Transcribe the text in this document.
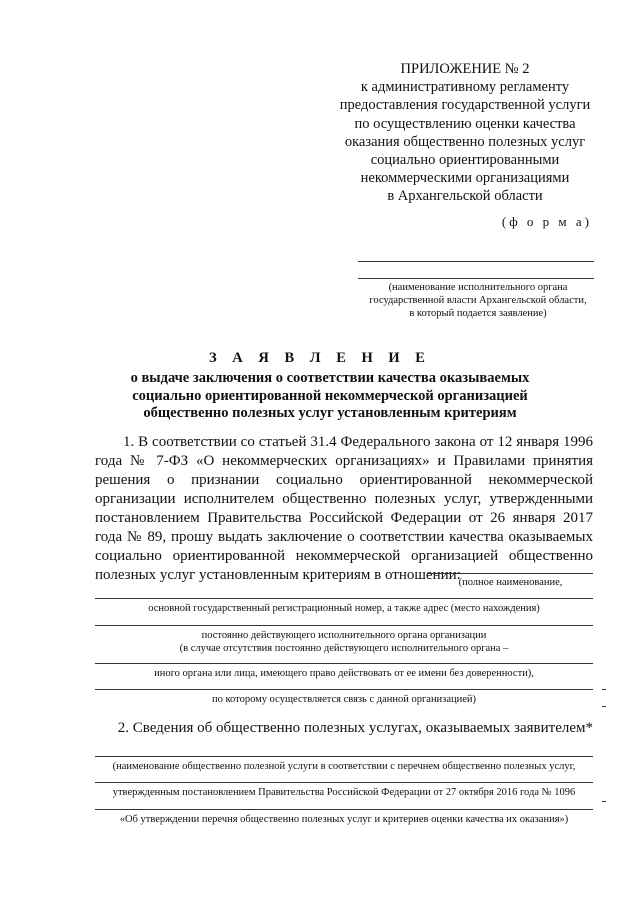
ПРИЛОЖЕНИЕ № 2
к административному регламенту
предоставления государственной услуги
по осуществлению оценки качества
оказания общественно полезных услуг
социально ориентированными
некоммерческими организациями
в Архангельской области
(ф о р м а)
(наименование исполнительного органа
государственной власти Архангельской области,
в который подается заявление)
З А Я В Л Е Н И Е
о выдаче заключения о соответствии качества оказываемых
социально ориентированной некоммерческой организацией
общественно полезных услуг установленным критериям
1. В соответствии со статьей 31.4 Федерального закона от 12 января 1996 года № 7-ФЗ «О некоммерческих организациях» и Правилами принятия решения о признании социально ориентированной некоммерческой организации исполнителем общественно полезных услуг, утвержденными постановлением Правительства Российской Федерации от 26 января 2017 года № 89, прошу выдать заключение о соответствии качества оказываемых социально ориентированной некоммерческой организацией общественно полезных услуг установленным критериям в отношении:
(полное наименование,
основной государственный регистрационный номер, а также адрес (место нахождения)
постоянно действующего исполнительного органа организации
(в случае отсутствия постоянно действующего исполнительного органа –
иного органа или лица, имеющего право действовать от ее имени без доверенности),
по которому осуществляется связь с данной организацией)
2. Сведения об общественно полезных услугах, оказываемых заявителем*
(наименование общественно полезной услуги в соответствии с перечнем общественно полезных услуг,
утвержденным постановлением Правительства Российской Федерации от 27 октября 2016 года № 1096
«Об утверждении перечня общественно полезных услуг и критериев оценки качества их оказания»)
